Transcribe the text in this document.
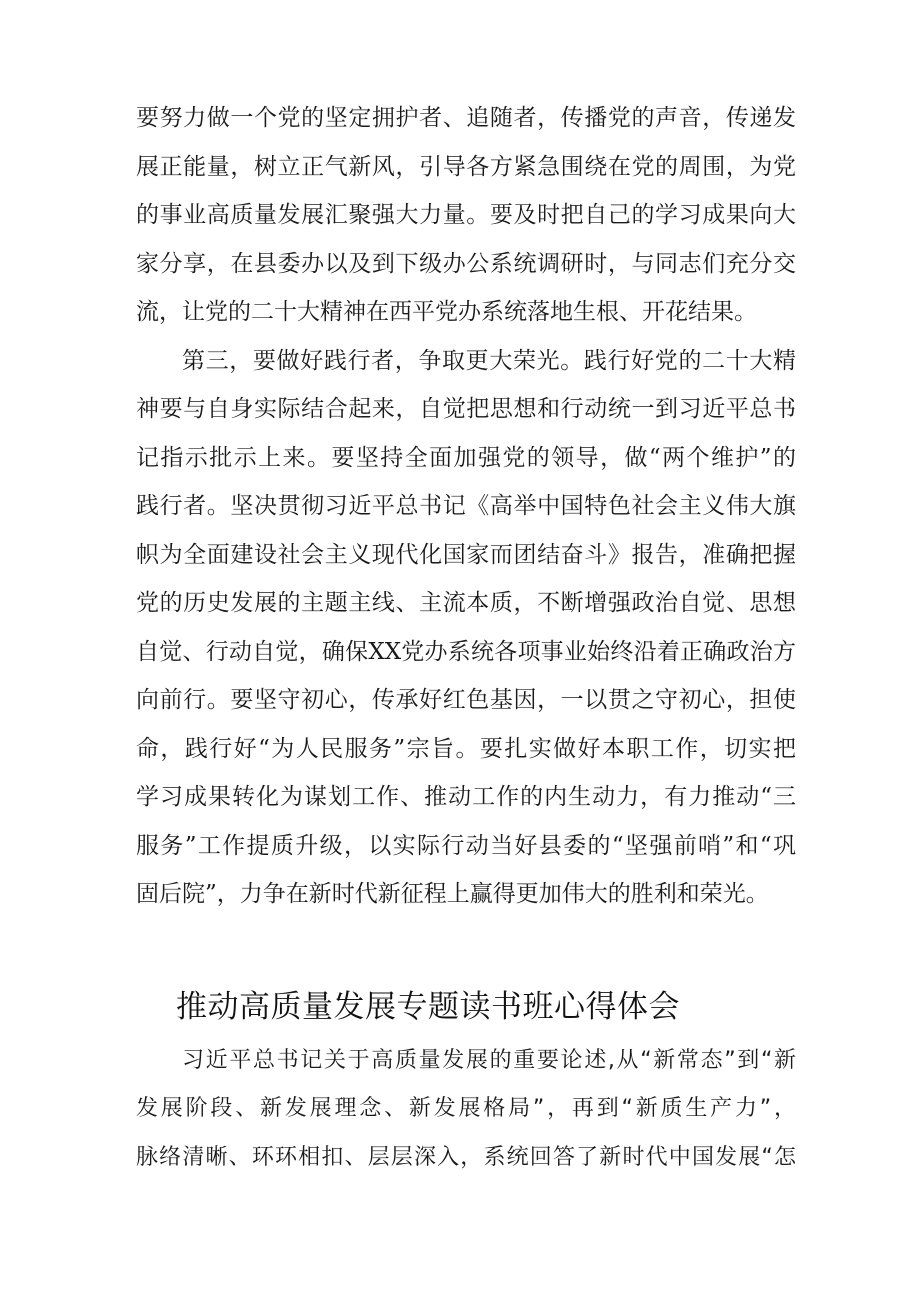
要努力做一个党的坚定拥护者、追随者，传播党的声音，传递发
展正能量，树立正气新风，引导各方紧急围绕在党的周围，为党
的事业高质量发展汇聚强大力量。要及时把自己的学习成果向大
家分享，在县委办以及到下级办公系统调研时，与同志们充分交
流，让党的二十大精神在西平党办系统落地生根、开花结果。
第三，要做好践行者，争取更大荣光。践行好党的二十大精
神要与自身实际结合起来，自觉把思想和行动统一到习近平总书
记指示批示上来。要坚持全面加强党的领导，做“两个维护”的
践行者。坚决贯彻习近平总书记《高举中国特色社会主义伟大旗
帜为全面建设社会主义现代化国家而团结奋斗》报告，准确把握
党的历史发展的主题主线、主流本质，不断增强政治自觉、思想
自觉、行动自觉，确保XX党办系统各项事业始终沿着正确政治方
向前行。要坚守初心，传承好红色基因，一以贯之守初心，担使
命，践行好“为人民服务”宗旨。要扎实做好本职工作，切实把
学习成果转化为谋划工作、推动工作的内生动力，有力推动“三
服务”工作提质升级，以实际行动当好县委的“坚强前哨”和“巩
固后院”，力争在新时代新征程上赢得更加伟大的胜利和荣光。
推动高质量发展专题读书班心得体会
习近平总书记关于高质量发展的重要论述,从“新常态”到“新
发展阶段、新发展理念、新发展格局”，再到“新质生产力”，
脉络清晰、环环相扣、层层深入，系统回答了新时代中国发展“怎
